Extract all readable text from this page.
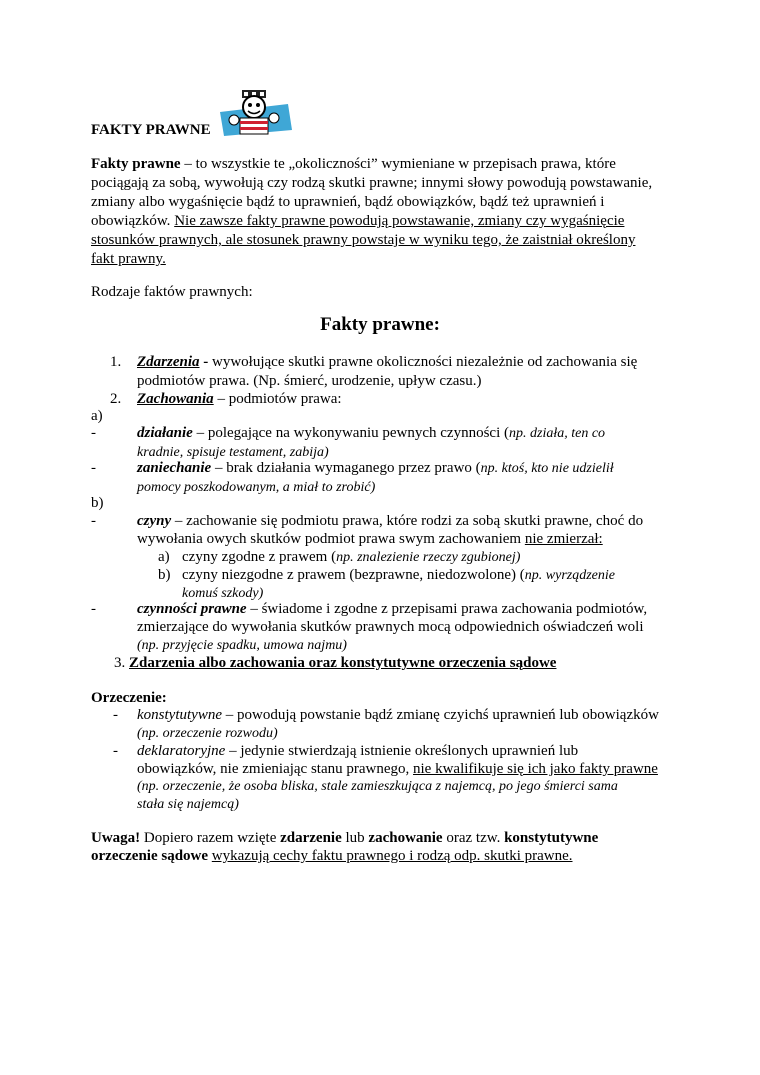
FAKTY PRAWNE
Fakty prawne – to wszystkie te „okoliczności” wymieniane w przepisach prawa, które
pociągają za sobą, wywołują czy rodzą skutki prawne; innymi słowy powodują powstawanie,
zmiany albo wygaśnięcie bądź to uprawnień, bądź obowiązków, bądź też uprawnień i
obowiązków. Nie zawsze fakty prawne powodują powstawanie, zmiany czy wygaśnięcie
stosunków prawnych, ale stosunek prawny powstaje w wyniku tego, że zaistniał określony
fakt prawny.
Rodzaje faktów prawnych:
Fakty prawne:
1. Zdarzenia - wywołujące skutki prawne okoliczności niezależnie od zachowania się
podmiotów prawa. (Np. śmierć, urodzenie, upływ czasu.)
2. Zachowania – podmiotów prawa:
a)
-	działanie – polegające na wykonywaniu pewnych czynności (np. działa, ten co
kradnie, spisuje testament, zabija)
-	zaniechanie – brak działania wymaganego przez prawo (np. ktoś, kto nie udzielił
pomocy poszkodowanym, a miał to zrobić)
b)
-	czyny – zachowanie się podmiotu prawa, które rodzi za sobą skutki prawne, choć do
wywołania owych skutków podmiot prawa swym zachowaniem nie zmierzał:
a) czyny zgodne z prawem (np. znalezienie rzeczy zgubionej)
b) czyny niezgodne z prawem (bezprawne, niedozwolone) (np. wyrządzenie
komuś szkody)
-	czynności prawne – świadome i zgodne z przepisami prawa zachowania podmiotów,
zmierzające do wywołania skutków prawnych mocą odpowiednich oświadczeń woli
(np. przyjęcie spadku, umowa najmu)
3. Zdarzenia albo zachowania oraz konstytutywne orzeczenia sądowe
Orzeczenie:
- konstytutywne – powodują powstanie bądź zmianę czyichś uprawnień lub obowiązków
(np. orzeczenie rozwodu)
- deklaratoryjne – jedynie stwierdzają istnienie określonych uprawnień lub
obowiązków, nie zmieniając stanu prawnego, nie kwalifikuje się ich jako fakty prawne
(np. orzeczenie, że osoba bliska, stale zamieszkująca z najemcą, po jego śmierci sama
stała się najemcą)
Uwaga! Dopiero razem wzięte zdarzenie lub zachowanie oraz tzw. konstytutywne
orzeczenie sądowe wykazują cechy faktu prawnego i rodzą odp. skutki prawne.
